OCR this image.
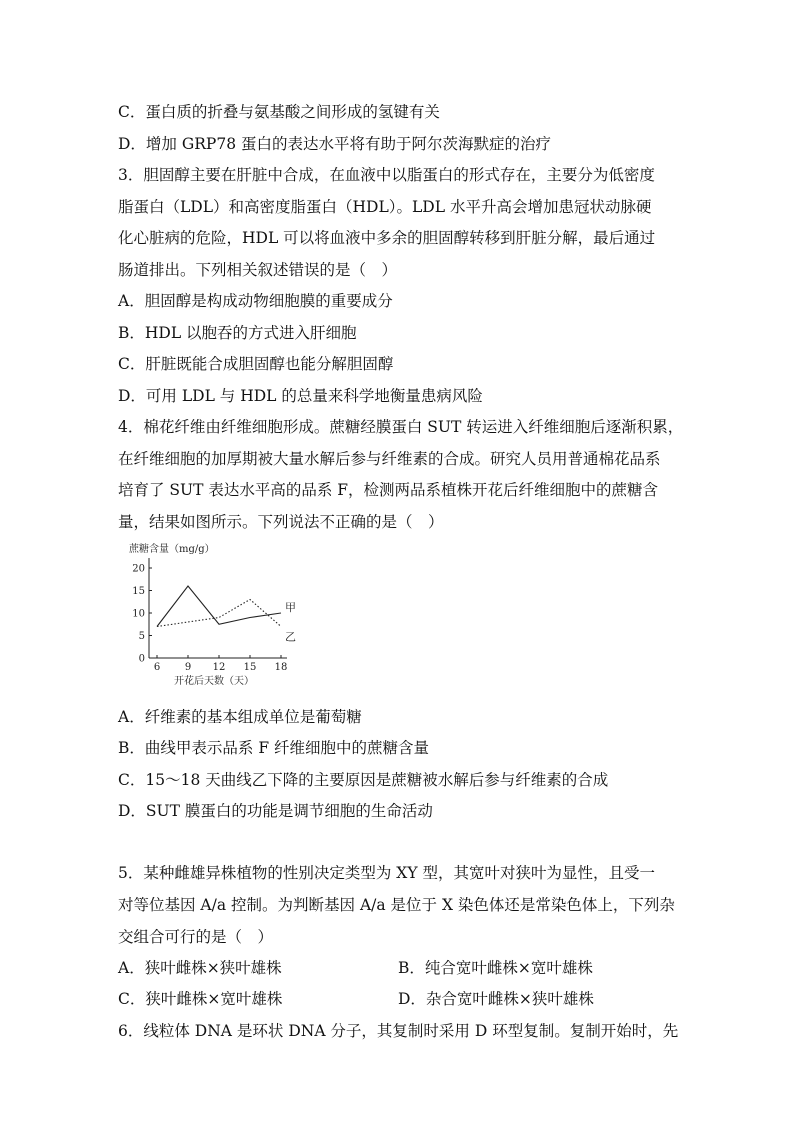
C．蛋白质的折叠与氨基酸之间形成的氢键有关
D．增加 GRP78 蛋白的表达水平将有助于阿尔茨海默症的治疗
3．胆固醇主要在肝脏中合成，在血液中以脂蛋白的形式存在，主要分为低密度
脂蛋白（LDL）和高密度脂蛋白（HDL）。LDL 水平升高会增加患冠状动脉硬
化心脏病的危险，HDL 可以将血液中多余的胆固醇转移到肝脏分解，最后通过
肠道排出。下列相关叙述错误的是（　）
A．胆固醇是构成动物细胞膜的重要成分
B．HDL 以胞吞的方式进入肝细胞
C．肝脏既能合成胆固醇也能分解胆固醇
D．可用 LDL 与 HDL 的总量来科学地衡量患病风险
4．棉花纤维由纤维细胞形成。蔗糖经膜蛋白 SUT 转运进入纤维细胞后逐渐积累，
在纤维细胞的加厚期被大量水解后参与纤维素的合成。研究人员用普通棉花品系
培育了 SUT 表达水平高的品系 F，检测两品系植株开花后纤维细胞中的蔗糖含
量，结果如图所示。下列说法不正确的是（　）
蔗糖含量（mg/g）
0
5
10
15
20
6 9 12 15 18
开花后天数（天）
甲
乙
A．纤维素的基本组成单位是葡萄糖
B．曲线甲表示品系 F 纤维细胞中的蔗糖含量
C．15～18 天曲线乙下降的主要原因是蔗糖被水解后参与纤维素的合成
D．SUT 膜蛋白的功能是调节细胞的生命活动
5．某种雌雄异株植物的性别决定类型为 XY 型，其宽叶对狭叶为显性，且受一
对等位基因 A/a 控制。为判断基因 A/a 是位于 X 染色体还是常染色体上，下列杂
交组合可行的是（　）
A．狭叶雌株×狭叶雄株	B．纯合宽叶雌株×宽叶雄株
C．狭叶雌株×宽叶雄株	D．杂合宽叶雌株×狭叶雄株
6．线粒体 DNA 是环状 DNA 分子，其复制时采用 D 环型复制。复制开始时，先
